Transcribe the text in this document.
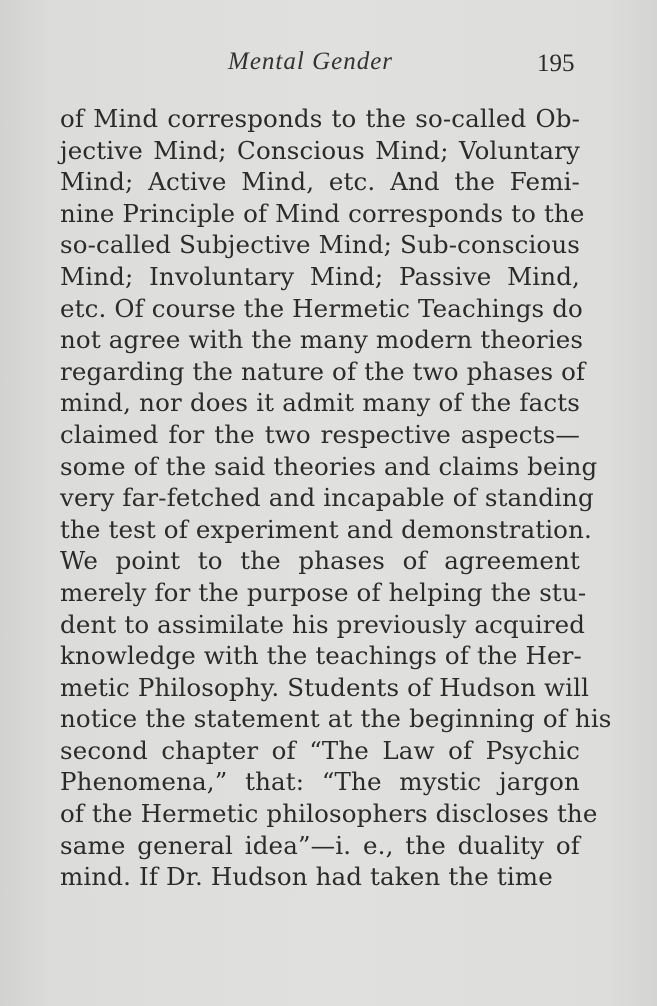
Mental Gender	195
of Mind corresponds to the so-called Ob-
jective Mind; Conscious Mind; Voluntary
Mind; Active Mind, etc. And the Femi-
nine Principle of Mind corresponds to the
so-called Subjective Mind; Sub-conscious
Mind; Involuntary Mind; Passive Mind,
etc. Of course the Hermetic Teachings do
not agree with the many modern theories
regarding the nature of the two phases of
mind, nor does it admit many of the facts
claimed for the two respective aspects—
some of the said theories and claims being
very far-fetched and incapable of standing
the test of experiment and demonstration.
We point to the phases of agreement
merely for the purpose of helping the stu-
dent to assimilate his previously acquired
knowledge with the teachings of the Her-
metic Philosophy. Students of Hudson will
notice the statement at the beginning of his
second chapter of “The Law of Psychic
Phenomena,” that: “The mystic jargon
of the Hermetic philosophers discloses the
same general idea”—i. e., the duality of
mind. If Dr. Hudson had taken the time
